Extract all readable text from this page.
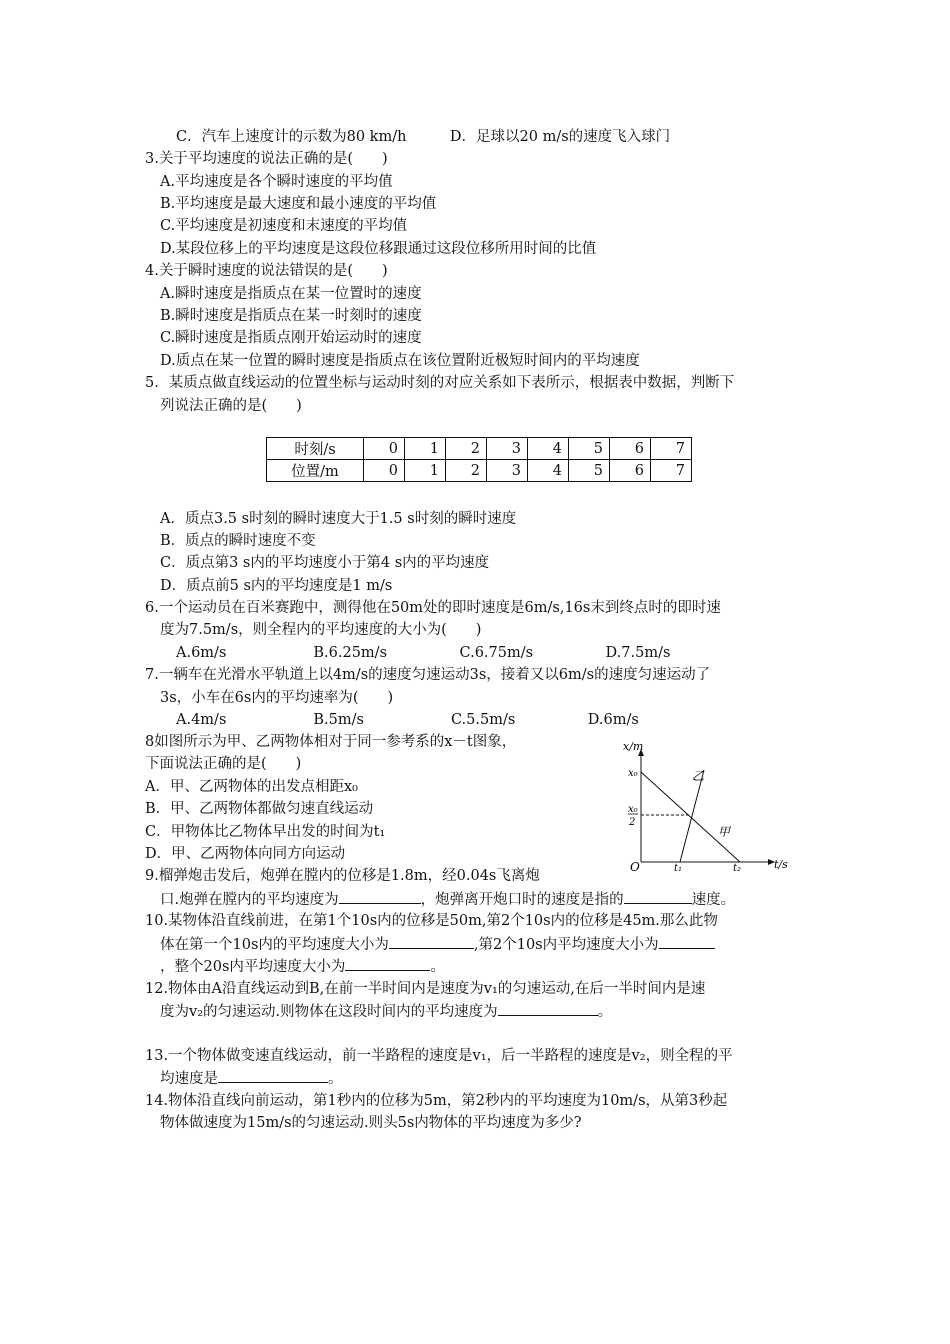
C．汽车上速度计的示数为80 km/h　　　D．足球以20 m/s的速度飞入球门
3.关于平均速度的说法正确的是(　　)
A.平均速度是各个瞬时速度的平均值
B.平均速度是最大速度和最小速度的平均值
C.平均速度是初速度和末速度的平均值
D.某段位移上的平均速度是这段位移跟通过这段位移所用时间的比值
4.关于瞬时速度的说法错误的是(　　)
A.瞬时速度是指质点在某一位置时的速度
B.瞬时速度是指质点在某一时刻时的速度
C.瞬时速度是指质点刚开始运动时的速度
D.质点在某一位置的瞬时速度是指质点在该位置附近极短时间内的平均速度
5．某质点做直线运动的位置坐标与运动时刻的对应关系如下表所示，根据表中数据，判断下
列说法正确的是(　　)
时刻/s	0	1	2	3	4	5	6	7
位置/m	0	1	2	3	4	5	6	7
A．质点3.5 s时刻的瞬时速度大于1.5 s时刻的瞬时速度
B．质点的瞬时速度不变
C．质点第3 s内的平均速度小于第4 s内的平均速度
D．质点前5 s内的平均速度是1 m/s
6.一个运动员在百米赛跑中，测得他在50m处的即时速度是6m/s,16s末到终点时的即时速
度为7.5m/s，则全程内的平均速度的大小为(　　)
A.6m/s　　　　　　B.6.25m/s　　　　　C.6.75m/s　　　　　D.7.5m/s
7.一辆车在光滑水平轨道上以4m/s的速度匀速运动3s，接着又以6m/s的速度匀速运动了
3s，小车在6s内的平均速率为(　　)
A.4m/s　　　　　　B.5m/s　　　　　　C.5.5m/s　　　　　D.6m/s
8如图所示为甲、乙两物体相对于同一参考系的x－t图象，
下面说法正确的是(　　)
A．甲、乙两物体的出发点相距x₀
B．甲、乙两物体都做匀速直线运动
C．甲物体比乙物体早出发的时间为t₁
D．甲、乙两物体向同方向运动
x/m
t/s
O
x₀
x₀
2
t₁	t₂
甲
乙
9.榴弹炮击发后，炮弹在膛内的位移是1.8m，经0.04s飞离炮
口.炮弹在膛内的平均速度为	，炮弹离开炮口时的速度是指的	速度。
10.某物体沿直线前进，在第1个10s内的位移是50m,第2个10s内的位移是45m.那么此物
体在第一个10s内的平均速度大小为	,第2个10s内平均速度大小为
，整个20s内平均速度大小为	。
12.物体由A沿直线运动到B,在前一半时间内是速度为v₁的匀速运动,在后一半时间内是速
度为v₂的匀速运动.则物体在这段时间内的平均速度为	。
13.一个物体做变速直线运动，前一半路程的速度是v₁，后一半路程的速度是v₂，则全程的平
均速度是	。
14.物体沿直线向前运动，第1秒内的位移为5m，第2秒内的平均速度为10m/s，从第3秒起
物体做速度为15m/s的匀速运动.则头5s内物体的平均速度为多少?
